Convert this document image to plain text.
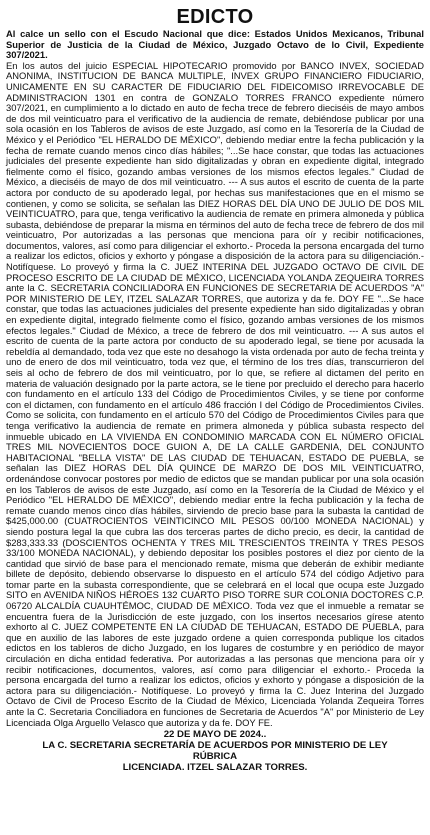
EDICTO

Al calce un sello con el Escudo Nacional que dice: Estados Unidos Mexicanos, Tribunal Superior de Justicia de la Ciudad de México, Juzgado Octavo de lo Civil, Expediente 307/2021.

En los autos del juicio ESPECIAL HIPOTECARIO promovido por BANCO INVEX, SOCIEDAD ANONIMA, INSTITUCION DE BANCA MULTIPLE, INVEX GRUPO FINANCIERO FIDUCIARIO, UNICAMENTE EN SU CARACTER DE FIDUCIARIO DEL FIDEICOMISO IRREVOCABLE DE ADMINISTRACION 1301 en contra de GONZALO TORRES FRANCO expediente número 307/2021, en cumplimiento a lo dictado en auto de fecha trece de febrero dieciséis de mayo ambos de dos mil veinticuatro para el verificativo de la audiencia de remate, debiéndose publicar por una sola ocasión en los Tableros de avisos de este Juzgado, así como en la Tesorería de la Ciudad de México y el Periódico "EL HERALDO DE MÉXICO", debiendo mediar entre la fecha publicación y la fecha de remate cuando menos cinco días hábiles; "...Se hace constar, que todas las actuaciones judiciales del presente expediente han sido digitalizadas y obran en expediente digital, integrado fielmente como el físico, gozando ambas versiones de los mismos efectos legales." Ciudad de México, a dieciséis de mayo de dos mil veinticuatro. --- A sus autos el escrito de cuenta de la parte actora por conducto de su apoderado legal, por hechas sus manifestaciones que en el mismo se contienen, y como se solicita, se señalan las DIEZ HORAS DEL DÍA UNO DE JULIO DE DOS MIL VEINTICUATRO, para que, tenga verificativo la audiencia de remate en primera almoneda y pública subasta, debiéndose de preparar la misma en términos del auto de fecha trece de febrero de dos mil veinticuatro, Por autorizadas a las personas que menciona para oír y recibir notificaciones, documentos, valores, así como para diligenciar el exhorto.- Proceda la persona encargada del turno a realizar los edictos, oficios y exhorto y póngase a disposición de la actora para su diligenciación.- Notifíquese. Lo proveyó y firma la C. JUEZ INTERINA DEL JUZGADO OCTAVO DE CIVIL DE PROCESO ESCRITO DE LA CIUDAD DE MÉXICO, LICENCIADA YOLANDA ZEQUEIRA TORRES ante la C. SECRETARIA CONCILIADORA EN FUNCIONES DE SECRETARIA DE ACUERDOS "A" POR MINISTERIO DE LEY, ITZEL SALAZAR TORRES, que autoriza y da fe. DOY FE "...Se hace constar, que todas las actuaciones judiciales del presente expediente han sido digitalizadas y obran en expediente digital, integrado fielmente como el físico, gozando ambas versiones de los mismos efectos legales." Ciudad de México, a trece de febrero de dos mil veinticuatro. --- A sus autos el escrito de cuenta de la parte actora por conducto de su apoderado legal, se tiene por acusada la rebeldía al demandado, toda vez que este no desahogo la vista ordenada por auto de fecha treinta y uno de enero de dos mil veinticuatro, toda vez que, el término de los tres días, transcurrieron del seis al ocho de febrero de dos mil veinticuatro, por lo que, se refiere al dictamen del perito en materia de valuación designado por la parte actora, se le tiene por precluido el derecho para hacerlo con fundamento en el artículo 133 del Código de Procedimientos Civiles, y se tiene por conforme con el dictamen, con fundamento en el artículo 486 fracción I del Código de Procedimientos Civiles. Como se solicita, con fundamento en el artículo 570 del Código de Procedimientos Civiles para que tenga verificativo la audiencia de remate en primera almoneda y pública subasta respecto del inmueble ubicado en LA VIVIENDA EN CONDOMINIO MARCADA CON EL NÚMERO OFICIAL TRES MIL NOVECIENTOS DOCE GUION A, DE LA CALLE GARDENIA, DEL CONJUNTO HABITACIONAL "BELLA VISTA" DE LAS CIUDAD DE TEHUACAN, ESTADO DE PUEBLA, se señalan las DIEZ HORAS DEL DÍA QUINCE DE MARZO DE DOS MIL VEINTICUATRO, ordenándose convocar postores por medio de edictos que se mandan publicar por una sola ocasión en los Tableros de avisos de este Juzgado, así como en la Tesorería de la Ciudad de México y el Periódico "EL HERALDO DE MÉXICO", debiendo mediar entre la fecha publicación y la fecha de remate cuando menos cinco días hábiles, sirviendo de precio base para la subasta la cantidad de $425,000.00 (CUATROCIENTOS VEINTICINCO MIL PESOS 00/100 MONEDA NACIONAL) y siendo postura legal la que cubra las dos terceras partes de dicho precio, es decir, la cantidad de $283,333.33 (DOSCIENTOS OCHENTA Y TRES MIL TRESCIENTOS TREINTA Y TRES PESOS 33/100 MONEDA NACIONAL), y debiendo depositar los posibles postores el diez por ciento de la cantidad que sirvió de base para el mencionado remate, misma que deberán de exhibir mediante billete de depósito, debiendo observarse lo dispuesto en el artículo 574 del código Adjetivo para tomar parte en la subasta correspondiente, que se celebrará en el local que ocupa este Juzgado SITO en AVENIDA NIÑOS HÉROES 132 CUARTO PISO TORRE SUR COLONIA DOCTORES C.P. 06720 ALCALDÍA CUAUHTÉMOC, CIUDAD DE MÉXICO. Toda vez que el inmueble a rematar se encuentra fuera de la Jurisdicción de este juzgado, con los insertos necesarios gírese atento exhorto al C. JUEZ COMPETENTE EN LA CIUDAD DE TEHUACAN, ESTADO DE PUEBLA, para que en auxilio de las labores de este juzgado ordene a quien corresponda publique los citados edictos en los tableros de dicho Juzgado, en los lugares de costumbre y en periódico de mayor circulación en dicha entidad federativa. Por autorizadas a las personas que menciona para oír y recibir notificaciones, documentos, valores, así como para diligenciar el exhorto.- Proceda la persona encargada del turno a realizar los edictos, oficios y exhorto y póngase a disposición de la actora para su diligenciación.- Notifíquese. Lo proveyó y firma la C. Juez Interina del Juzgado Octavo de Civil de Proceso Escrito de la Ciudad de México, Licenciada Yolanda Zequeira Torres ante la C. Secretaria Conciliadora en funciones de Secretaria de Acuerdos "A" por Ministerio de Ley Licenciada Olga Arguello Velasco que autoriza y da fe. DOY FE.

22 DE MAYO DE 2024..
LA C. SECRETARIA SECRETARÍA DE ACUERDOS POR MINISTERIO DE LEY
RÚBRICA
LICENCIADA. ITZEL SALAZAR TORRES.
